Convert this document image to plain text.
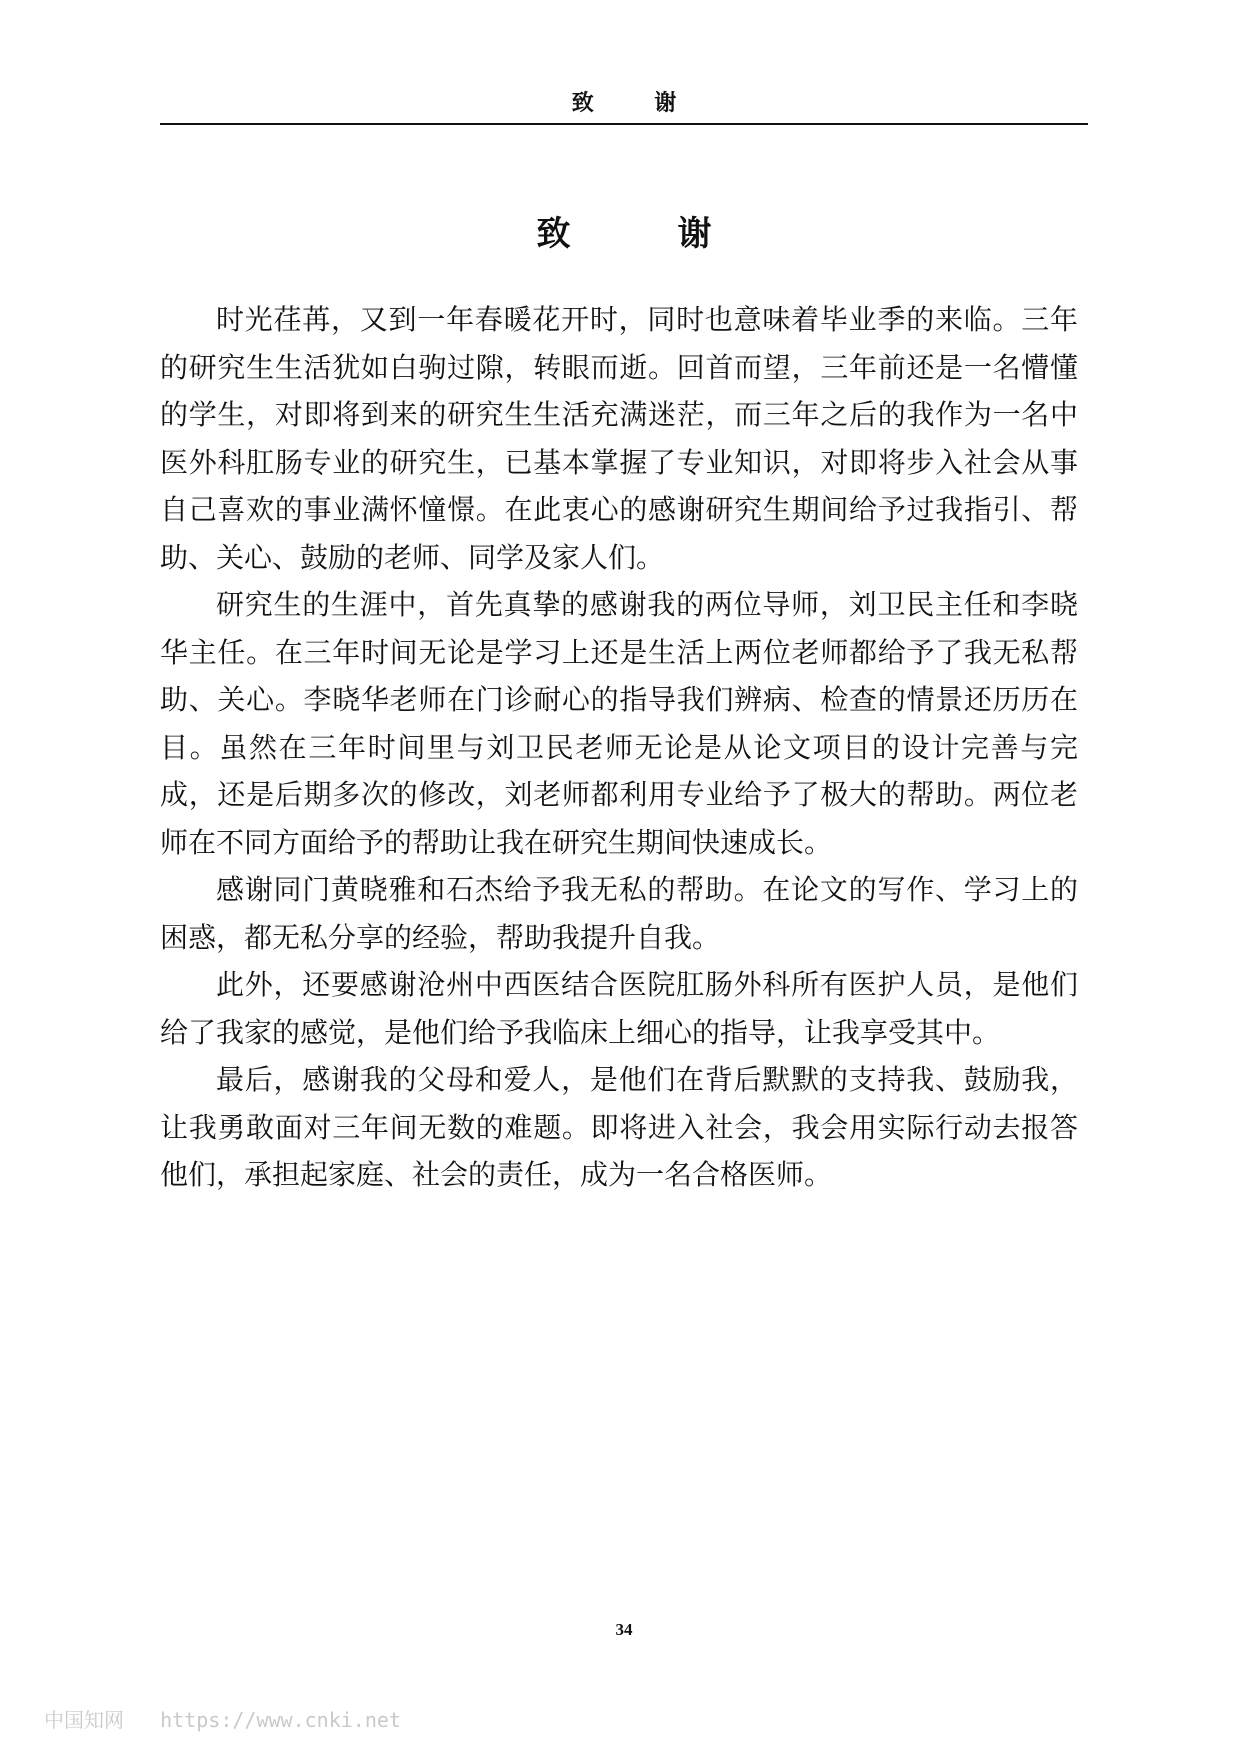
致 谢
致 谢

时光荏苒，又到一年春暖花开时，同时也意味着毕业季的来临。三年的研究生生活犹如白驹过隙，转眼而逝。回首而望，三年前还是一名懵懂的学生，对即将到来的研究生生活充满迷茫，而三年之后的我作为一名中医外科肛肠专业的研究生，已基本掌握了专业知识，对即将步入社会从事自己喜欢的事业满怀憧憬。在此衷心的感谢研究生期间给予过我指引、帮助、关心、鼓励的老师、同学及家人们。

研究生的生涯中，首先真挚的感谢我的两位导师，刘卫民主任和李晓华主任。在三年时间无论是学习上还是生活上两位老师都给予了我无私帮助、关心。李晓华老师在门诊耐心的指导我们辨病、检查的情景还历历在目。虽然在三年时间里与刘卫民老师无论是从论文项目的设计完善与完成，还是后期多次的修改，刘老师都利用专业给予了极大的帮助。两位老师在不同方面给予的帮助让我在研究生期间快速成长。

感谢同门黄晓雅和石杰给予我无私的帮助。在论文的写作、学习上的困惑，都无私分享的经验，帮助我提升自我。

此外，还要感谢沧州中西医结合医院肛肠外科所有医护人员，是他们给了我家的感觉，是他们给予我临床上细心的指导，让我享受其中。

最后，感谢我的父母和爱人，是他们在背后默默的支持我、鼓励我，让我勇敢面对三年间无数的难题。即将进入社会，我会用实际行动去报答他们，承担起家庭、社会的责任，成为一名合格医师。

34
中国知网 https://www.cnki.net
